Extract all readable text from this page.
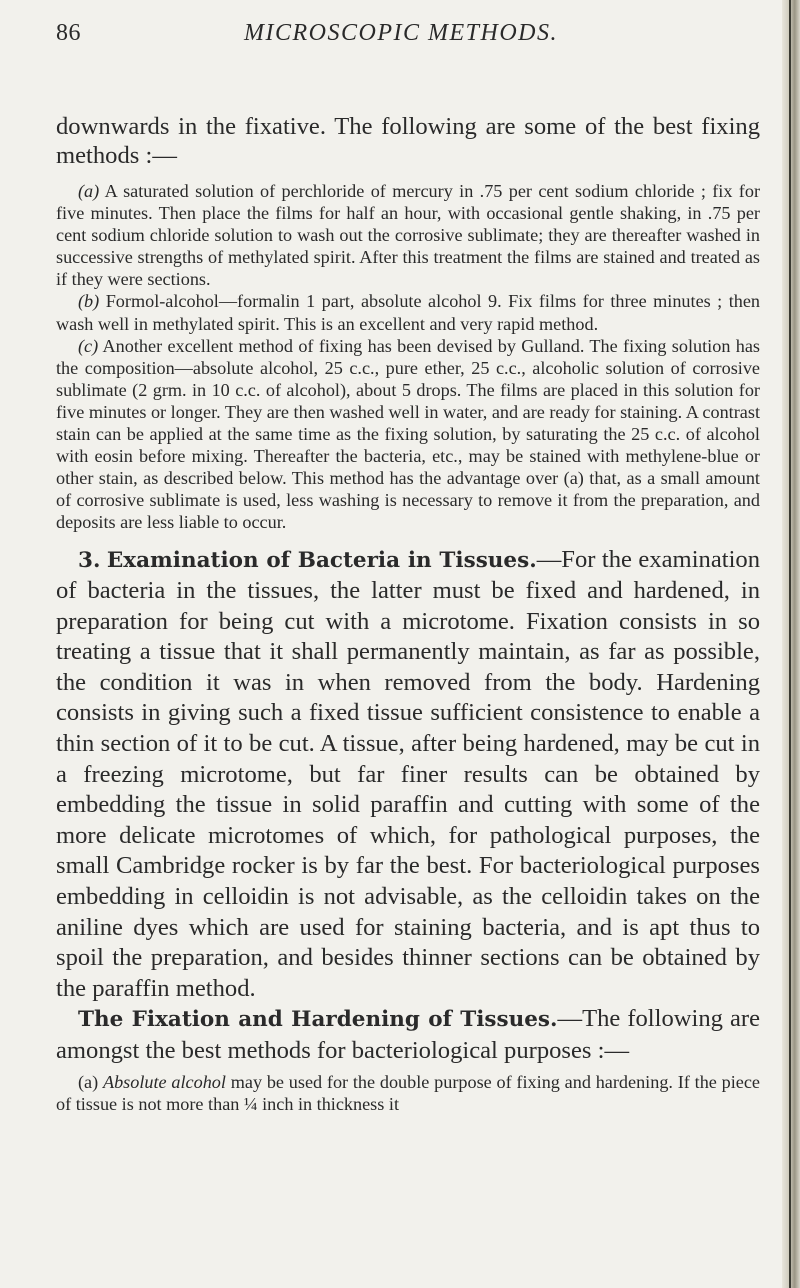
86	MICROSCOPIC METHODS.

downwards in the fixative. The following are some of the best fixing methods :—

(a) A saturated solution of perchloride of mercury in .75 per cent sodium chloride ; fix for five minutes. Then place the films for half an hour, with occasional gentle shaking, in .75 per cent sodium chloride solution to wash out the corrosive sublimate; they are thereafter washed in successive strengths of methylated spirit. After this treatment the films are stained and treated as if they were sections.

(b) Formol-alcohol—formalin 1 part, absolute alcohol 9. Fix films for three minutes ; then wash well in methylated spirit. This is an excellent and very rapid method.

(c) Another excellent method of fixing has been devised by Gulland. The fixing solution has the composition—absolute alcohol, 25 c.c., pure ether, 25 c.c., alcoholic solution of corrosive sublimate (2 grm. in 10 c.c. of alcohol), about 5 drops. The films are placed in this solution for five minutes or longer. They are then washed well in water, and are ready for staining. A contrast stain can be applied at the same time as the fixing solution, by saturating the 25 c.c. of alcohol with eosin before mixing. Thereafter the bacteria, etc., may be stained with methylene-blue or other stain, as described below. This method has the advantage over (a) that, as a small amount of corrosive sublimate is used, less washing is necessary to remove it from the preparation, and deposits are less liable to occur.

3. Examination of Bacteria in Tissues.—For the examination of bacteria in the tissues, the latter must be fixed and hardened, in preparation for being cut with a microtome. Fixation consists in so treating a tissue that it shall permanently maintain, as far as possible, the condition it was in when removed from the body. Hardening consists in giving such a fixed tissue sufficient consistence to enable a thin section of it to be cut. A tissue, after being hardened, may be cut in a freezing microtome, but far finer results can be obtained by embedding the tissue in solid paraffin and cutting with some of the more delicate microtomes of which, for pathological purposes, the small Cambridge rocker is by far the best. For bacteriological purposes embedding in celloidin is not advisable, as the celloidin takes on the aniline dyes which are used for staining bacteria, and is apt thus to spoil the preparation, and besides thinner sections can be obtained by the paraffin method.

The Fixation and Hardening of Tissues.—The following are amongst the best methods for bacteriological purposes :—

(a) Absolute alcohol may be used for the double purpose of fixing and hardening. If the piece of tissue is not more than ¼ inch in thickness it
